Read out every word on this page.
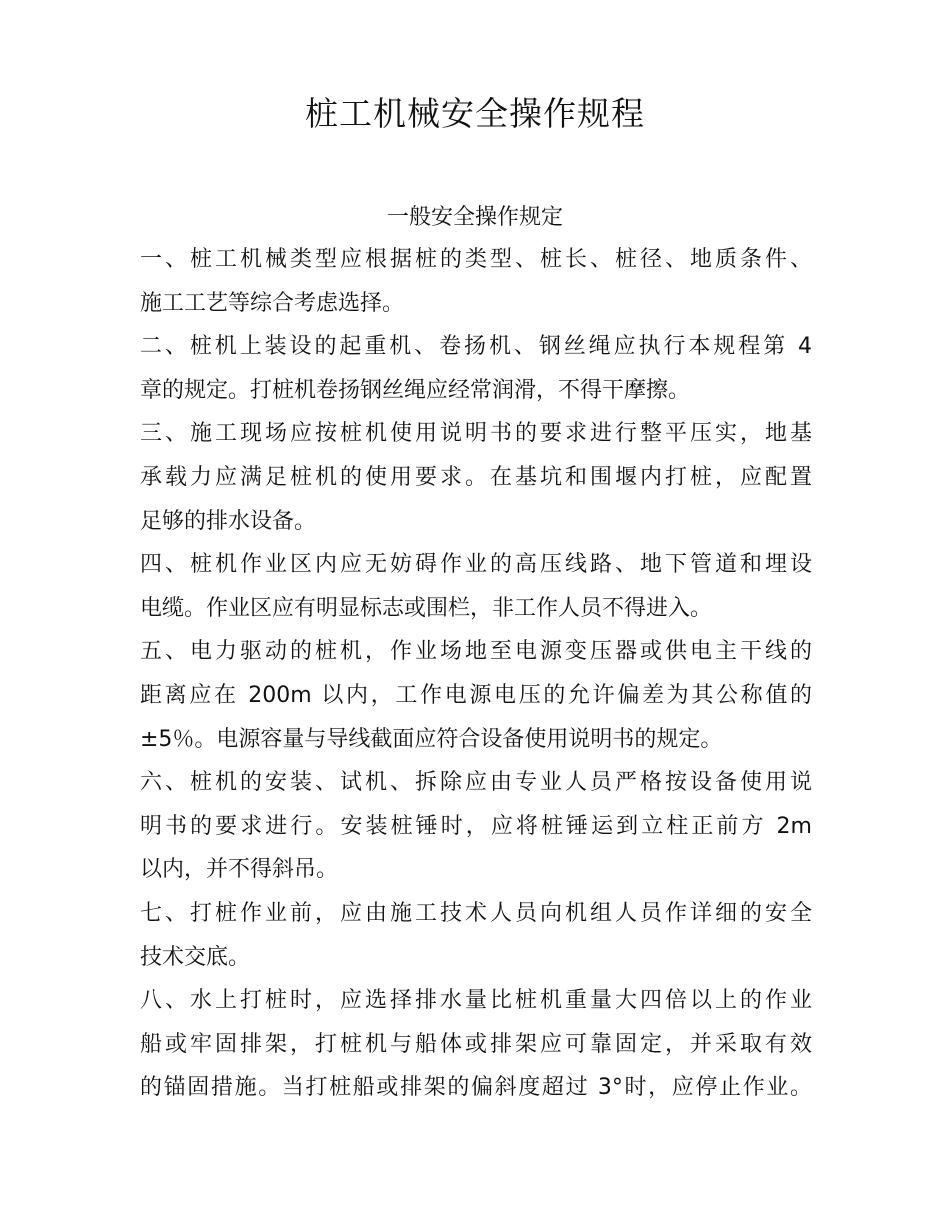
桩工机械安全操作规程
一般安全操作规定
一、桩工机械类型应根据桩的类型、桩长、桩径、地质条件、
施工工艺等综合考虑选择。
二、桩机上装设的起重机、卷扬机、钢丝绳应执行本规程第 4
章的规定。打桩机卷扬钢丝绳应经常润滑，不得干摩擦。
三、施工现场应按桩机使用说明书的要求进行整平压实，地基
承载力应满足桩机的使用要求。在基坑和围堰内打桩，应配置
足够的排水设备。
四、桩机作业区内应无妨碍作业的高压线路、地下管道和埋设
电缆。作业区应有明显标志或围栏，非工作人员不得进入。
五、电力驱动的桩机，作业场地至电源变压器或供电主干线的
距离应在 200m 以内，工作电源电压的允许偏差为其公称值的
±5％。电源容量与导线截面应符合设备使用说明书的规定。
六、桩机的安装、试机、拆除应由专业人员严格按设备使用说
明书的要求进行。安装桩锤时，应将桩锤运到立柱正前方 2m
以内，并不得斜吊。
七、打桩作业前，应由施工技术人员向机组人员作详细的安全
技术交底。
八、水上打桩时，应选择排水量比桩机重量大四倍以上的作业
船或牢固排架，打桩机与船体或排架应可靠固定，并采取有效
的锚固措施。当打桩船或排架的偏斜度超过 3°时，应停止作业。
